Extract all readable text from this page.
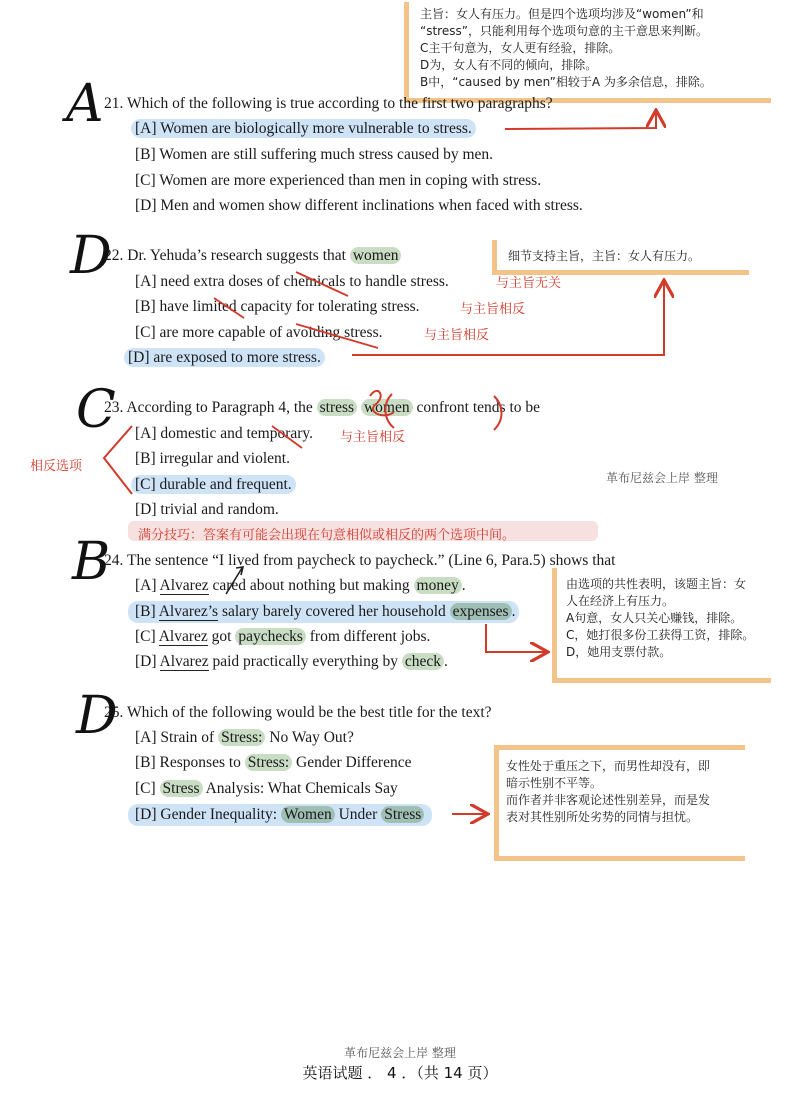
主旨：女人有压力。但是四个选项均涉及“women”和
“stress”，只能利用每个选项句意的主干意思来判断。
C主干句意为，女人更有经验，排除。
D为，女人有不同的倾向，排除。
B中，“caused by men”相较于A 为多余信息，排除。
A 21. Which of the following is true according to the first two paragraphs?
[A] Women are biologically more vulnerable to stress.
[B] Women are still suffering much stress caused by men.
[C] Women are more experienced than men in coping with stress.
[D] Men and women show different inclinations when faced with stress.
D
22. Dr. Yehuda’s research suggests that women
[A] need extra doses of chemicals to handle stress.
[B] have limited capacity for tolerating stress.
[C] are more capable of avoiding stress.
[D] are exposed to more stress.
与主旨无关
与主旨相反
与主旨相反
细节支持主旨，主旨：女人有压力。
C
23. According to Paragraph 4, the stress women confront tends to be
[A] domestic and temporary.
[B] irregular and violent.
[C] durable and frequent.
[D] trivial and random.
与主旨相反
相反选项
满分技巧：答案有可能会出现在句意相似或相反的两个选项中间。
革布尼兹会上岸 整理
B
24. The sentence “I lived from paycheck to paycheck.” (Line 6, Para.5) shows that
[A] Alvarez cared about nothing but making money .
[B] Alvarez’s salary barely covered her household expenses .
[C] Alvarez got paychecks from different jobs.
[D] Alvarez paid practically everything by check .
由选项的共性表明，该题主旨：女
人在经济上有压力。
A句意，女人只关心赚钱，排除。
C，她打很多份工获得工资，排除。
D，她用支票付款。
D
25. Which of the following would be the best title for the text?
[A] Strain of Stress: No Way Out?
[B] Responses to Stress: Gender Difference
[C] Stress Analysis: What Chemicals Say
[D] Gender Inequality: Women Under Stress
女性处于重压之下，而男性却没有，即
暗示性别不平等。
而作者并非客观论述性别差异，而是发
表对其性别所处劣势的同情与担忧。
革布尼兹会上岸 整理
英语试题 ． 4 ．（共 14 页）
